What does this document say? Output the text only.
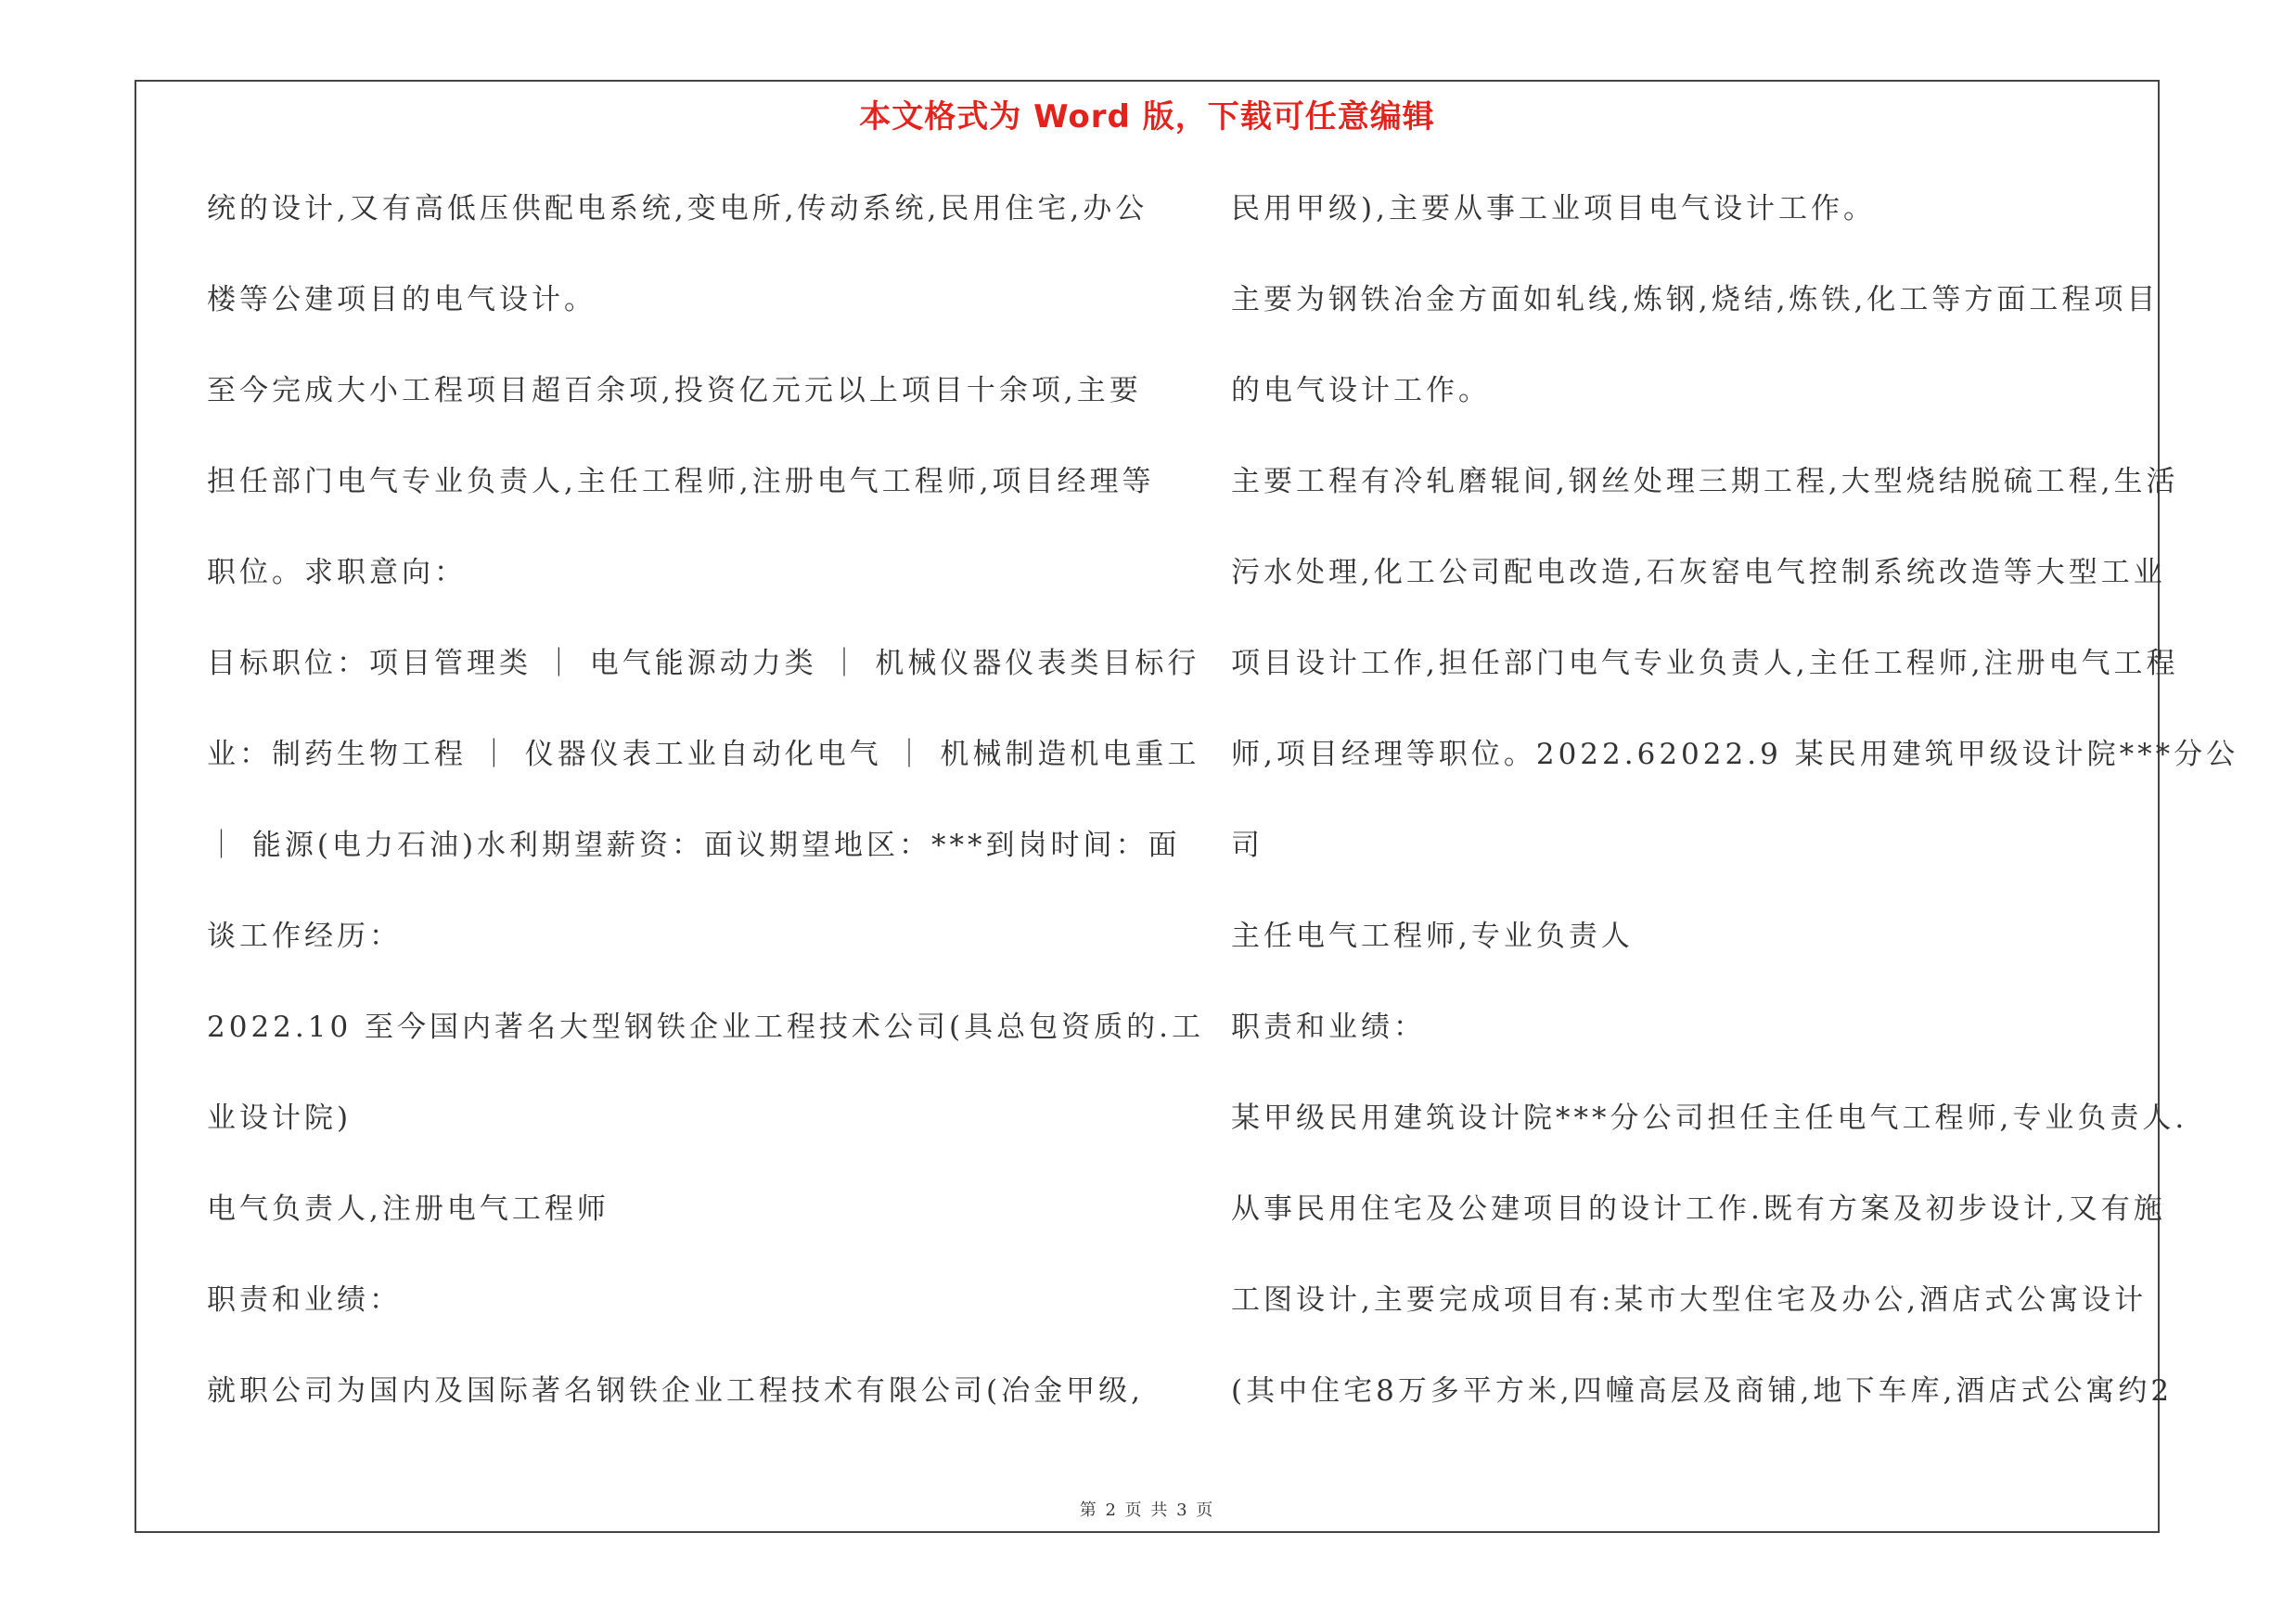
本文格式为 Word 版，下载可任意编辑
统的设计,又有高低压供配电系统,变电所,传动系统,民用住宅,办公
楼等公建项目的电气设计。
至今完成大小工程项目超百余项,投资亿元元以上项目十余项,主要
担任部门电气专业负责人,主任工程师,注册电气工程师,项目经理等
职位。求职意向：
目标职位：项目管理类 ｜ 电气能源动力类 ｜ 机械仪器仪表类目标行
业：制药生物工程 ｜ 仪器仪表工业自动化电气 ｜ 机械制造机电重工
｜ 能源(电力石油)水利期望薪资：面议期望地区：***到岗时间：面
谈工作经历：
2022.10 至今国内著名大型钢铁企业工程技术公司(具总包资质的.工
业设计院)
电气负责人,注册电气工程师
职责和业绩：
就职公司为国内及国际著名钢铁企业工程技术有限公司(冶金甲级,
民用甲级),主要从事工业项目电气设计工作。
主要为钢铁冶金方面如轧线,炼钢,烧结,炼铁,化工等方面工程项目
的电气设计工作。
主要工程有冷轧磨辊间,钢丝处理三期工程,大型烧结脱硫工程,生活
污水处理,化工公司配电改造,石灰窑电气控制系统改造等大型工业
项目设计工作,担任部门电气专业负责人,主任工程师,注册电气工程
师,项目经理等职位。2022.62022.9 某民用建筑甲级设计院***分公
司
主任电气工程师,专业负责人
职责和业绩：
某甲级民用建筑设计院***分公司担任主任电气工程师,专业负责人.
从事民用住宅及公建项目的设计工作.既有方案及初步设计,又有施
工图设计,主要完成项目有:某市大型住宅及办公,酒店式公寓设计
(其中住宅8万多平方米,四幢高层及商铺,地下车库,酒店式公寓约2
第 2 页 共 3 页
